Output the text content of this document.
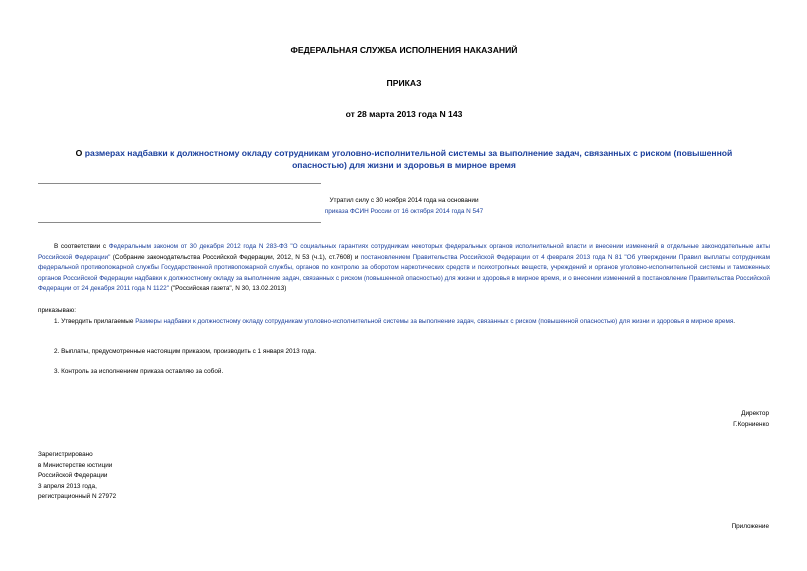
ФЕДЕРАЛЬНАЯ СЛУЖБА ИСПОЛНЕНИЯ НАКАЗАНИЙ
ПРИКАЗ
от 28 марта 2013 года N 143
О размерах надбавки к должностному окладу сотрудникам уголовно-исполнительной системы за выполнение задач, связанных с риском (повышенной
опасностью) для жизни и здоровья в мирное время
Утратил силу с 30 ноября 2014 года на основании
приказа ФСИН России от 16 октября 2014 года N 547
В соответствии с Федеральным законом от 30 декабря 2012 года N 283-ФЗ "О социальных гарантиях сотрудникам некоторых федеральных органов исполнительной власти и внесении изменений в отдельные законодательные акты Российской Федерации" (Собрание законодательства Российской Федерации, 2012, N 53 (ч.1), ст.7608) и постановлением Правительства Российской Федерации от 4 февраля 2013 года N 81 "Об утверждении Правил выплаты сотрудникам федеральной противопожарной службы Государственной противопожарной службы, органов по контролю за оборотом наркотических средств и психотропных веществ, учреждений и органов уголовно-исполнительной системы и таможенных органов Российской Федерации надбавки к должностному окладу за выполнение задач, связанных с риском (повышенной опасностью) для жизни и здоровья в мирное время, и о внесении изменений в постановление Правительства Российской Федерации от 24 декабря 2011 года N 1122" ("Российская газета", N 30, 13.02.2013)
приказываю:
1. Утвердить прилагаемые Размеры надбавки к должностному окладу сотрудникам уголовно-исполнительной системы за выполнение задач, связанных с риском (повышенной опасностью) для жизни и здоровья в мирное время.
2. Выплаты, предусмотренные настоящим приказом, производить с 1 января 2013 года.
3. Контроль за исполнением приказа оставляю за собой.
Директор
Г.Корниенко
Зарегистрировано
в Министерстве юстиции
Российской Федерации
3 апреля 2013 года,
регистрационный N 27972
Приложение
